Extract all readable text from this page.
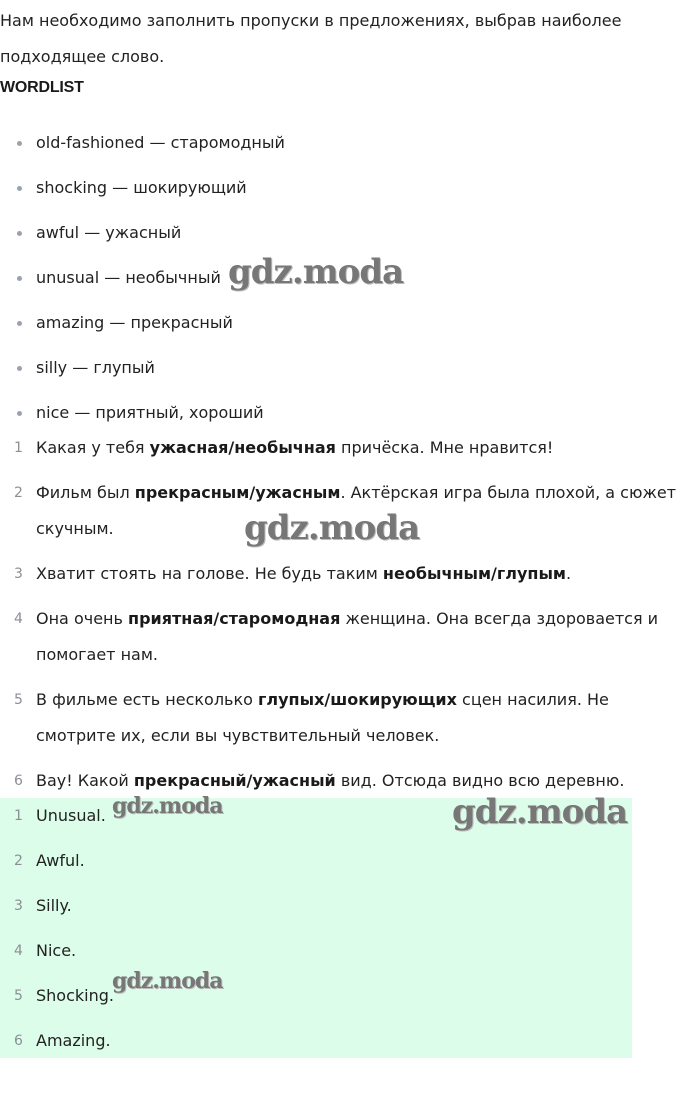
Нам необходимо заполнить пропуски в предложениях, выбрав наиболее подходящее слово.
WORDLIST
old-fashioned — старомодный
shocking — шокирующий
awful — ужасный
unusual — необычный
amazing — прекрасный
silly — глупый
nice — приятный, хороший
1 Какая у тебя ужасная/необычная причёска. Мне нравится!
2 Фильм был прекрасным/ужасным. Актёрская игра была плохой, а сюжет скучным.
3 Хватит стоять на голове. Не будь таким необычным/глупым.
4 Она очень приятная/старомодная женщина. Она всегда здоровается и помогает нам.
5 В фильме есть несколько глупых/шокирующих сцен насилия. Не смотрите их, если вы чувствительный человек.
6 Вау! Какой прекрасный/ужасный вид. Отсюда видно всю деревню.
1 Unusual.
2 Awful.
3 Silly.
4 Nice.
5 Shocking.
6 Amazing.
gdz.moda
gdz.moda
gdz.moda
gdz.moda
gdz.moda
